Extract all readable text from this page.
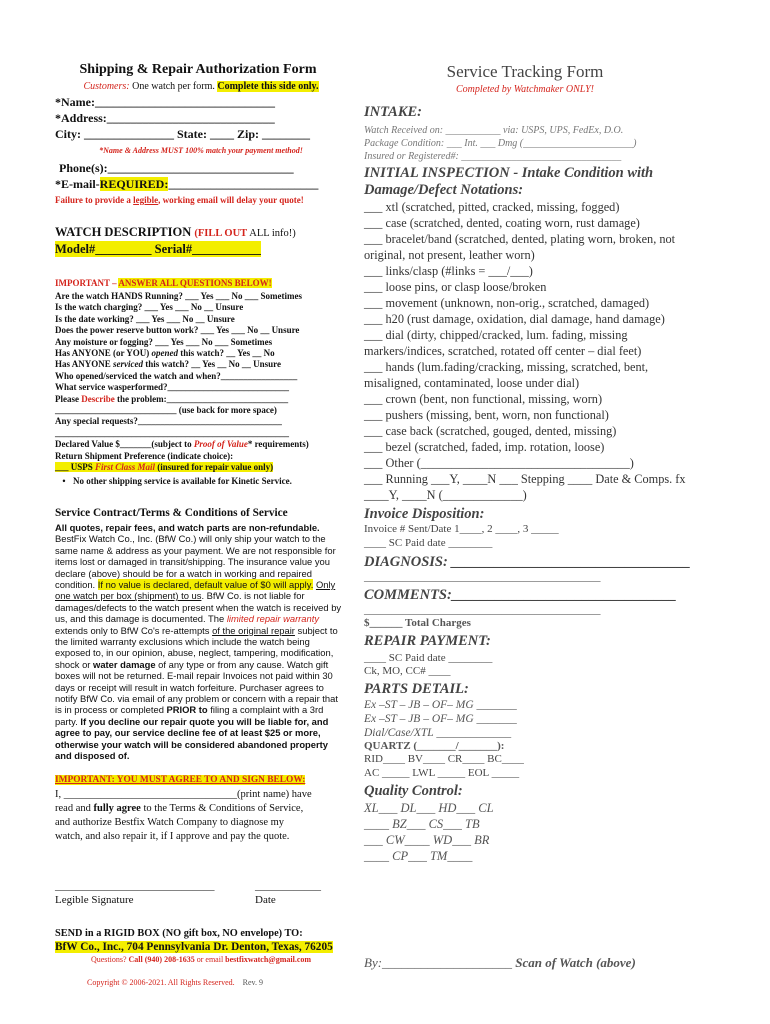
Shipping & Repair Authorization Form

Customers: One watch per form. Complete this side only.

*Name:______________________________

*Address:____________________________

City: _______________ State: ____ Zip: ________

*Name & Address MUST 100% match your payment method!

Phone(s):_______________________________

*E-mail-REQUIRED:_________________________

Failure to provide a legible, working email will delay your quote!

WATCH DESCRIPTION (FILL OUT ALL info!)

Model#_________ Serial#___________

IMPORTANT – ANSWER ALL QUESTIONS BELOW!

Are the watch HANDS Running? ___ Yes ___ No ___ Sometimes

Is the watch charging? ___ Yes ___ No __ Unsure

Is the date working? ___ Yes ___ No __ Unsure

Does the power reserve button work? ___ Yes ___ No __ Unsure

Any moisture or fogging? ___ Yes ___ No ___ Sometimes

Has ANYONE (or YOU) opened this watch? __ Yes __ No

Has ANYONE serviced this watch? __ Yes __ No __ Unsure

Who opened/serviced the watch and when?_________________

What service wasperformed?___________________________

Please Describe the problem:___________________________

___________________________ (use back for more space)

Any special requests?________________________________

____________________________________________________

Declared Value $_______(subject to Proof of Value* requirements)

Return Shipment Preference (indicate choice):

___ USPS First Class Mail (insured for repair value only)

• No other shipping service is available for Kinetic Service.

Service Contract/Terms & Conditions of Service

All quotes, repair fees, and watch parts are non-refundable. BestFix Watch Co., Inc. (BfW Co.) will only ship your watch to the same name & address as your payment. We are not responsible for items lost or damaged in transit/shipping. The insurance value you declare (above) should be for a watch in working and repaired condition. If no value is declared, default value of $0 will apply. Only one watch per box (shipment) to us. BfW Co. is not liable for damages/defects to the watch present when the watch is received by us, and this damage is documented. The limited repair warranty extends only to BfW Co's re-attempts of the original repair subject to the limited warranty exclusions which include the watch being exposed to, in our opinion, abuse, neglect, tampering, modification, shock or water damage of any type or from any cause. Watch gift boxes will not be returned. E-mail repair Invoices not paid within 30 days or receipt will result in watch forfeiture. Purchaser agrees to notify BfW Co. via email of any problem or concern with a repair that is in process or completed PRIOR to filing a complaint with a 3rd party. If you decline our repair quote you will be liable for, and agree to pay, our service decline fee of at least $25 or more, otherwise your watch will be considered abandoned property and disposed of.

IMPORTANT: YOU MUST AGREE TO AND SIGN BELOW:

I, _________________________________(print name) have

read and fully agree to the Terms & Conditions of Service,

and authorize Bestfix Watch Company to diagnose my

watch, and also repair it, if I approve and pay the quote.

_____________________________	____________
Legible Signature	Date

SEND in a RIGID BOX (NO gift box, NO envelope) TO:

BfW Co., Inc., 704 Pennsylvania Dr. Denton, Texas, 76205

Questions? Call (940) 208-1635 or email bestfixwatch@gmail.com

Copyright © 2006-2021. All Rights Reserved. Rev. 9

Service Tracking Form

Completed by Watchmaker ONLY!

INTAKE:

Watch Received on: ___________ via: USPS, UPS, FedEx, D.O.

Package Condition: ___ Int. ___ Dmg (______________________)

Insured or Registered#: ________________________________

INITIAL INSPECTION - Intake Condition with Damage/Defect Notations:

___ xtl (scratched, pitted, cracked, missing, fogged)

___ case (scratched, dented, coating worn, rust damage)

___ bracelet/band (scratched, dented, plating worn, broken, not original, not present, leather worn)

___ links/clasp (#links = ___/___)

___ loose pins, or clasp loose/broken

___ movement (unknown, non-orig., scratched, damaged)

___ h20 (rust damage, oxidation, dial damage, hand damage)

___ dial (dirty, chipped/cracked, lum. fading, missing markers/indices, scratched, rotated off center – dial feet)

___ hands (lum.fading/cracking, missing, scratched, bent, misaligned, contaminated, loose under dial)

___ crown (bent, non functional, missing, worn)

___ pushers (missing, bent, worn, non functional)

___ case back (scratched, gouged, dented, missing)

___ bezel (scratched, faded, imp. rotation, loose)

___ Other (__________________________________)

___ Running ___Y, ____N ___ Stepping ____ Date & Comps. fx ____Y, ____N (_____________)

Invoice Disposition:

Invoice # Sent/Date 1____, 2 ____, 3 _____

____ SC Paid date ________

DIAGNOSIS: _________________________________

___________________________________________

COMMENTS:_______________________________

___________________________________________

$______ Total Charges

REPAIR PAYMENT:

____ SC Paid date ________

Ck, MO, CC# ____

PARTS DETAIL:

Ex –ST – JB – OF– MG _______

Ex –ST – JB – OF– MG _______

Dial/Case/XTL _____________

QUARTZ (_______/_______):

RID____ BV____ CR____ BC____

AC _____ LWL _____ EOL _____

Quality Control:

XL___ DL___ HD___ CL

____ BZ___ CS___ TB

___ CW____ WD___ BR

____ CP___ TM____

By:____________________ Scan of Watch (above)
